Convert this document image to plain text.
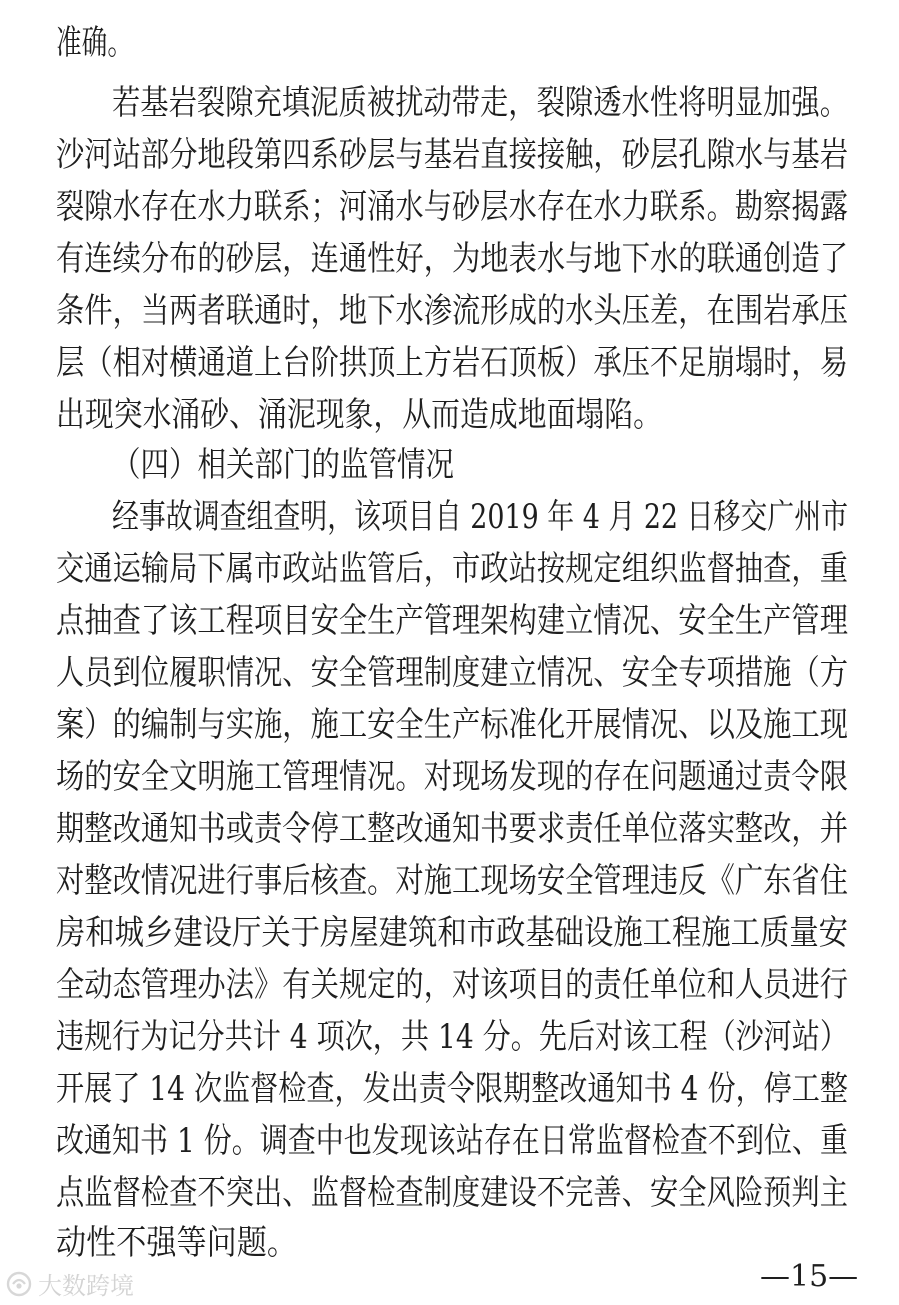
准确。
若基岩裂隙充填泥质被扰动带走，裂隙透水性将明显加强。
沙河站部分地段第四系砂层与基岩直接接触，砂层孔隙水与基岩
裂隙水存在水力联系；河涌水与砂层水存在水力联系。勘察揭露
有连续分布的砂层，连通性好，为地表水与地下水的联通创造了
条件，当两者联通时，地下水渗流形成的水头压差，在围岩承压
层（相对横通道上台阶拱顶上方岩石顶板）承压不足崩塌时，易
出现突水涌砂、涌泥现象，从而造成地面塌陷。
（四）相关部门的监管情况
经事故调查组查明，该项目自 2019 年 4 月 22 日移交广州市
交通运输局下属市政站监管后，市政站按规定组织监督抽查，重
点抽查了该工程项目安全生产管理架构建立情况、安全生产管理
人员到位履职情况、安全管理制度建立情况、安全专项措施（方
案）的编制与实施，施工安全生产标准化开展情况、以及施工现
场的安全文明施工管理情况。对现场发现的存在问题通过责令限
期整改通知书或责令停工整改通知书要求责任单位落实整改，并
对整改情况进行事后核查。对施工现场安全管理违反《广东省住
房和城乡建设厅关于房屋建筑和市政基础设施工程施工质量安
全动态管理办法》有关规定的，对该项目的责任单位和人员进行
违规行为记分共计 4 项次，共 14 分。先后对该工程（沙河站）
开展了 14 次监督检查，发出责令限期整改通知书 4 份，停工整
改通知书 1 份。调查中也发现该站存在日常监督检查不到位、重
点监督检查不突出、监督检查制度建设不完善、安全风险预判主
动性不强等问题。
—15—
大数跨境
